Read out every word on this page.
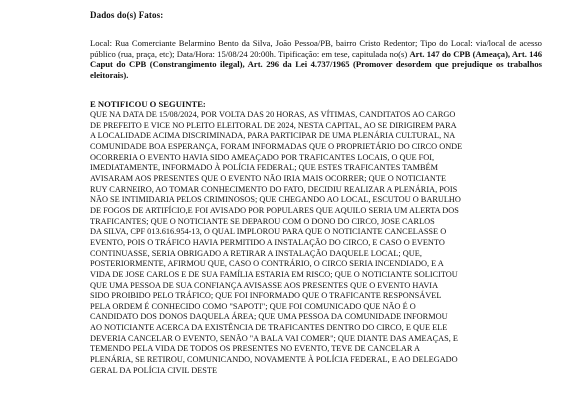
Dados do(s) Fatos:
Local: Rua Comerciante Belarmino Bento da Silva, João Pessoa/PB, bairro Cristo Redentor; Tipo do Local: via/local de acesso público (rua, praça, etc); Data/Hora: 15/08/24 20:00h. Tipificação: em tese, capitulada no(s) Art. 147 do CPB (Ameaça), Art. 146 Caput do CPB (Constrangimento ilegal), Art. 296 da Lei 4.737/1965 (Promover desordem que prejudique os trabalhos eleitorais).
E NOTIFICOU O SEGUINTE:
QUE NA DATA DE 15/08/2024, POR VOLTA DAS 20 HORAS, AS VÍTIMAS, CANDITATOS AO CARGO
DE PREFEITO E VICE NO PLEITO ELEITORAL DE 2024, NESTA CAPITAL, AO SE DIRIGIREM PARA
A LOCALIDADE ACIMA DISCRIMINADA, PARA PARTICIPAR DE UMA PLENÁRIA CULTURAL, NA
COMUNIDADE BOA ESPERANÇA, FORAM INFORMADAS QUE O PROPRIETÁRIO DO CIRCO ONDE
OCORRERIA O EVENTO HAVIA SIDO AMEAÇADO POR TRAFICANTES LOCAIS, O QUE FOI,
IMEDIATAMENTE, INFORMADO À POLÍCIA FEDERAL; QUE ESTES TRAFICANTES TAMBÉM
AVISARAM AOS PRESENTES QUE O EVENTO NÃO IRIA MAIS OCORRER; QUE O NOTICIANTE
RUY CARNEIRO, AO TOMAR CONHECIMENTO DO FATO, DECIDIU REALIZAR A PLENÁRIA, POIS
NÃO SE INTIMIDARIA PELOS CRIMINOSOS; QUE CHEGANDO AO LOCAL, ESCUTOU O BARULHO
DE FOGOS DE ARTIFÍCIO,E FOI AVISADO POR POPULARES QUE AQUILO SERIA UM ALERTA DOS
TRAFICANTES; QUE O NOTICIANTE SE DEPAROU COM O DONO DO CIRCO, JOSE CARLOS
DA SILVA, CPF 013.616.954-13, O QUAL IMPLOROU PARA QUE O NOTICIANTE CANCELASSE O
EVENTO, POIS O TRÁFICO HAVIA PERMITIDO A INSTALAÇÃO DO CIRCO, E CASO O EVENTO
CONTINUASSE, SERIA OBRIGADO A RETIRAR A INSTALAÇÃO DAQUELE LOCAL; QUE,
POSTERIORMENTE, AFIRMOU QUE, CASO O CONTRÁRIO, O CIRCO SERIA INCENDIADO, E A
VIDA DE JOSE CARLOS E DE SUA FAMÍLIA ESTARIA EM RISCO; QUE O NOTICIANTE SOLICITOU
QUE UMA PESSOA DE SUA CONFIANÇA AVISASSE AOS PRESENTES QUE O EVENTO HAVIA
SIDO PROIBIDO PELO TRÁFICO; QUE FOI INFORMADO QUE O TRAFICANTE RESPONSÁVEL
PELA ORDEM É CONHECIDO COMO "SAPOTI"; QUE FOI COMUNICADO QUE NÃO É O
CANDIDATO DOS DONOS DAQUELA ÁREA; QUE UMA PESSOA DA COMUNIDADE INFORMOU
AO NOTICIANTE ACERCA DA EXISTÊNCIA DE TRAFICANTES DENTRO DO CIRCO, E QUE ELE
DEVERIA CANCELAR O EVENTO, SENÃO "A BALA VAI COMER"; QUE DIANTE DAS AMEAÇAS, E
TEMENDO PELA VIDA DE TODOS OS PRESENTES NO EVENTO, TEVE DE CANCELAR A
PLENÁRIA, SE RETIROU, COMUNICANDO, NOVAMENTE À POLÍCIA FEDERAL, E AO DELEGADO
GERAL DA POLÍCIA CIVIL DESTE
